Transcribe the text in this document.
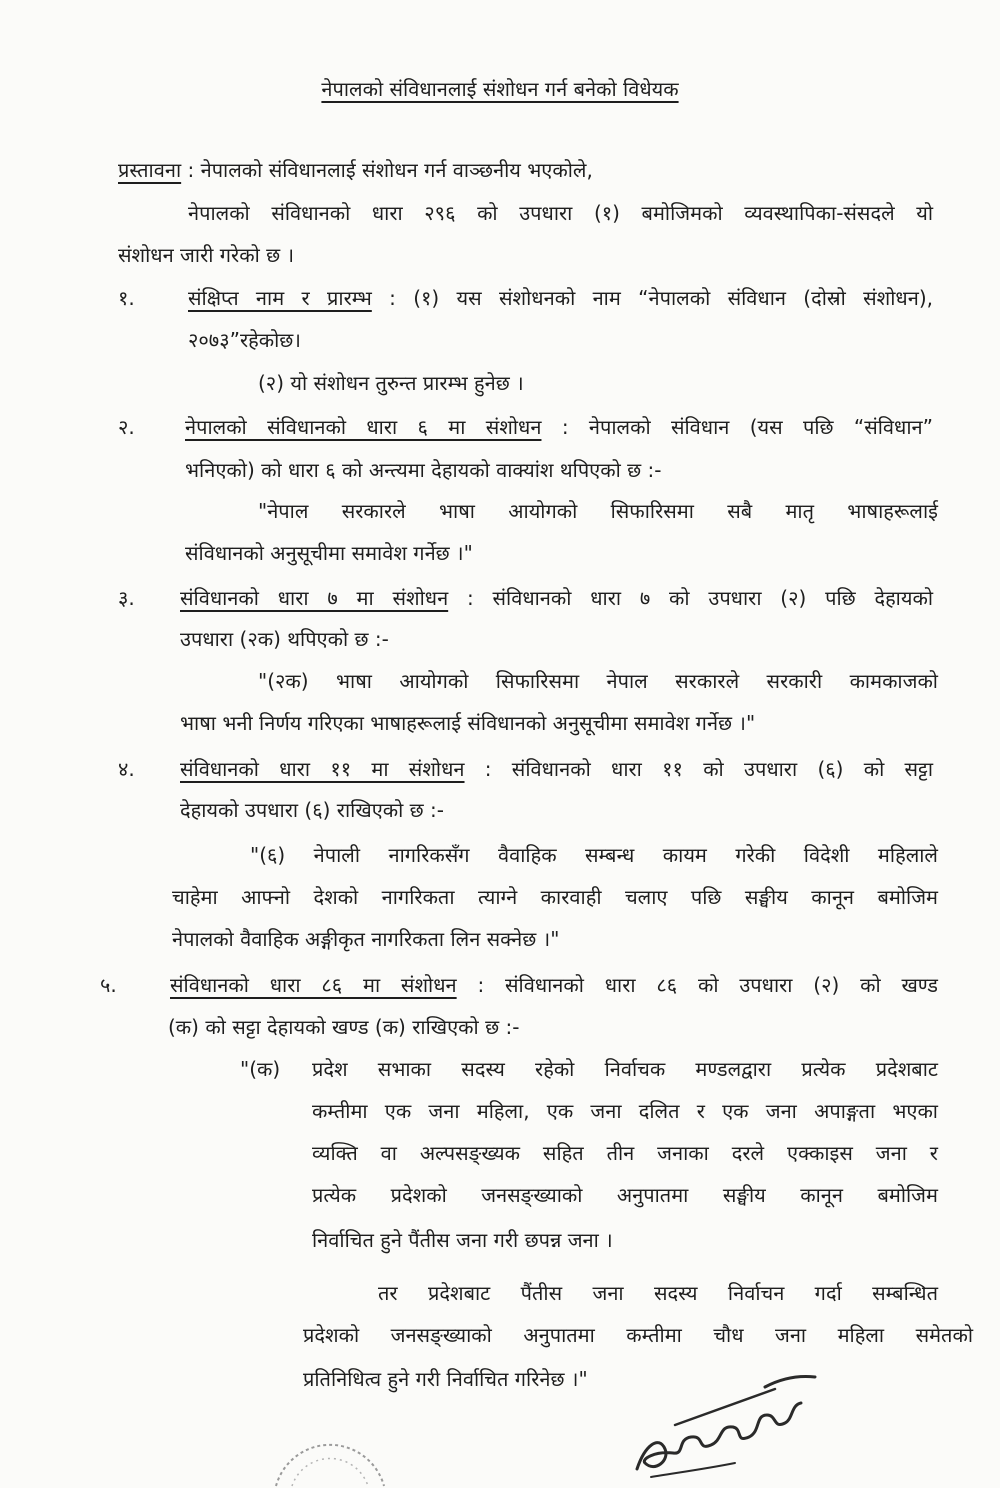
नेपालको संविधानलाई संशोधन गर्न बनेको विधेयक
प्रस्तावना : नेपालको संविधानलाई संशोधन गर्न वाञ्छनीय भएकोले,
नेपालको संविधानको धारा २९६ को उपधारा (१) बमोजिमको व्यवस्थापिका-संसदले यो
संशोधन जारी गरेको छ ।
१.	संक्षिप्त नाम र प्रारम्भ : (१) यस संशोधनको नाम “नेपालको संविधान (दोस्रो संशोधन),
२०७३”रहेकोछ।
(२) यो संशोधन तुरुन्त प्रारम्भ हुनेछ ।
२.	नेपालको संविधानको धारा ६ मा संशोधन : नेपालको संविधान (यस पछि “संविधान”
भनिएको) को धारा ६ को अन्त्यमा देहायको वाक्यांश थपिएको छ :-
"नेपाल सरकारले भाषा आयोगको सिफारिसमा सबै मातृ भाषाहरूलाई
संविधानको अनुसूचीमा समावेश गर्नेछ ।"
३.	संविधानको धारा ७ मा संशोधन : संविधानको धारा ७ को उपधारा (२) पछि देहायको
उपधारा (२क) थपिएको छ :-
"(२क) भाषा आयोगको सिफारिसमा नेपाल सरकारले सरकारी कामकाजको
भाषा भनी निर्णय गरिएका भाषाहरूलाई संविधानको अनुसूचीमा समावेश गर्नेछ ।"
४.	संविधानको धारा ११ मा संशोधन : संविधानको धारा ११ को उपधारा (६) को सट्टा
देहायको उपधारा (६) राखिएको छ :-
"(६) नेपाली नागरिकसँग वैवाहिक सम्बन्ध कायम गरेकी विदेशी महिलाले
चाहेमा आफ्नो देशको नागरिकता त्याग्ने कारवाही चलाए पछि सङ्घीय कानून बमोजिम
नेपालको वैवाहिक अङ्गीकृत नागरिकता लिन सक्नेछ ।"
५.	संविधानको धारा ८६ मा संशोधन : संविधानको धारा ८६ को उपधारा (२) को खण्ड
(क) को सट्टा देहायको खण्ड (क) राखिएको छ :-
"(क) प्रदेश सभाका सदस्य रहेको निर्वाचक मण्डलद्वारा प्रत्येक प्रदेशबाट
कम्तीमा एक जना महिला, एक जना दलित र एक जना अपाङ्गता भएका
व्यक्ति वा अल्पसङ्ख्यक सहित तीन जनाका दरले एक्काइस जना र
प्रत्येक प्रदेशको जनसङ्ख्याको अनुपातमा सङ्घीय कानून बमोजिम
निर्वाचित हुने पैंतीस जना गरी छपन्न जना ।
तर प्रदेशबाट पैंतीस जना सदस्य निर्वाचन गर्दा सम्बन्धित
प्रदेशको जनसङ्ख्याको अनुपातमा कम्तीमा चौध जना महिला समेतको
प्रतिनिधित्व हुने गरी निर्वाचित गरिनेछ ।"
